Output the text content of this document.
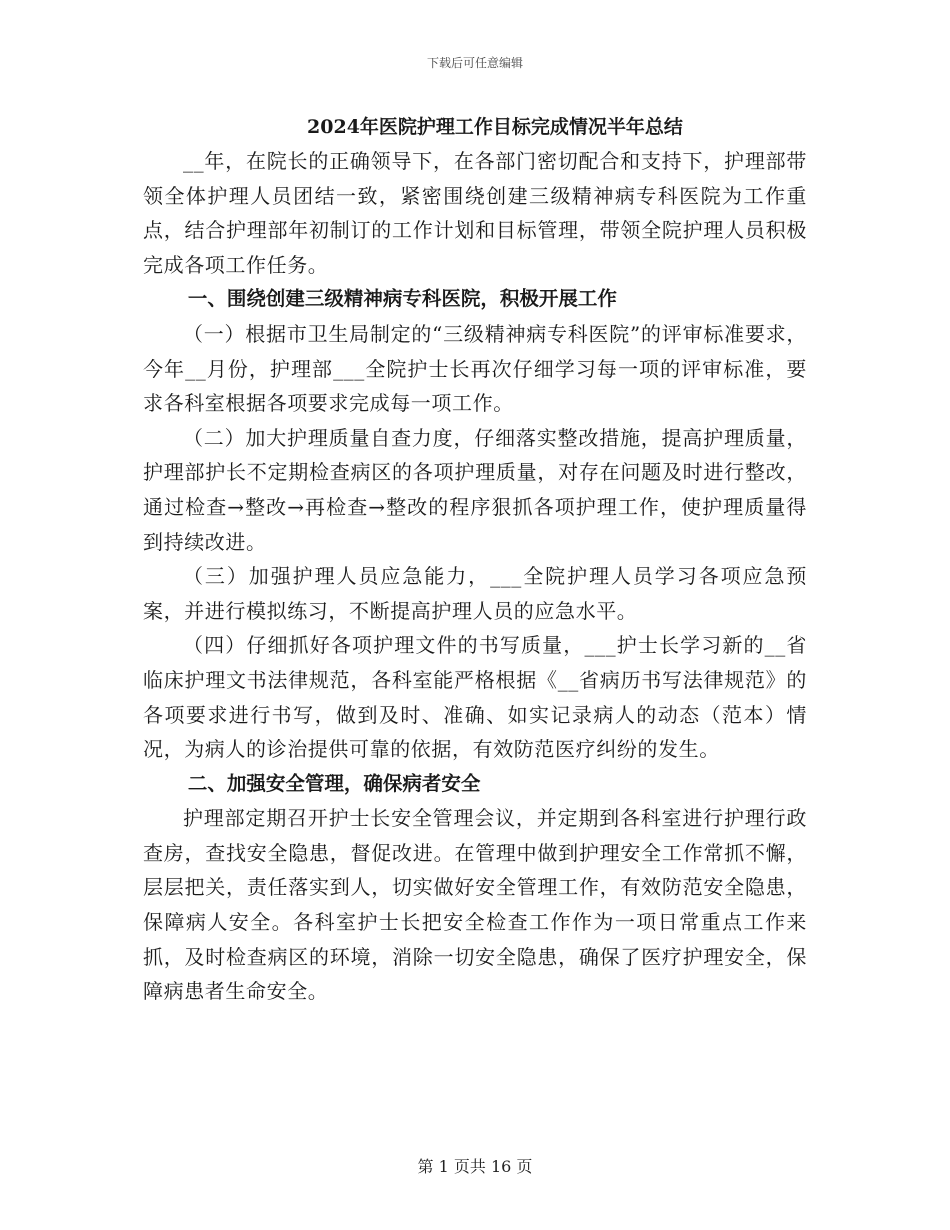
下载后可任意编辑
2024年医院护理工作目标完成情况半年总结

__年，在院长的正确领导下，在各部门密切配合和支持下，护理部带领全体护理人员团结一致，紧密围绕创建三级精神病专科医院为工作重点，结合护理部年初制订的工作计划和目标管理，带领全院护理人员积极完成各项工作任务。

一、围绕创建三级精神病专科医院，积极开展工作

（一）根据市卫生局制定的“三级精神病专科医院”的评审标准要求，今年__月份，护理部___全院护士长再次仔细学习每一项的评审标准，要求各科室根据各项要求完成每一项工作。

（二）加大护理质量自查力度，仔细落实整改措施，提高护理质量，护理部护长不定期检查病区的各项护理质量，对存在问题及时进行整改，通过检查→整改→再检查→整改的程序狠抓各项护理工作，使护理质量得到持续改进。

（三）加强护理人员应急能力，___全院护理人员学习各项应急预案，并进行模拟练习，不断提高护理人员的应急水平。

（四）仔细抓好各项护理文件的书写质量，___护士长学习新的__省临床护理文书法律规范，各科室能严格根据《__省病历书写法律规范》的各项要求进行书写，做到及时、准确、如实记录病人的动态（范本）情况，为病人的诊治提供可靠的依据，有效防范医疗纠纷的发生。

二、加强安全管理，确保病者安全

护理部定期召开护士长安全管理会议，并定期到各科室进行护理行政查房，查找安全隐患，督促改进。在管理中做到护理安全工作常抓不懈，层层把关，责任落实到人，切实做好安全管理工作，有效防范安全隐患，保障病人安全。各科室护士长把安全检查工作作为一项日常重点工作来抓，及时检查病区的环境，消除一切安全隐患，确保了医疗护理安全，保障病患者生命安全。

第 1 页共 16 页
